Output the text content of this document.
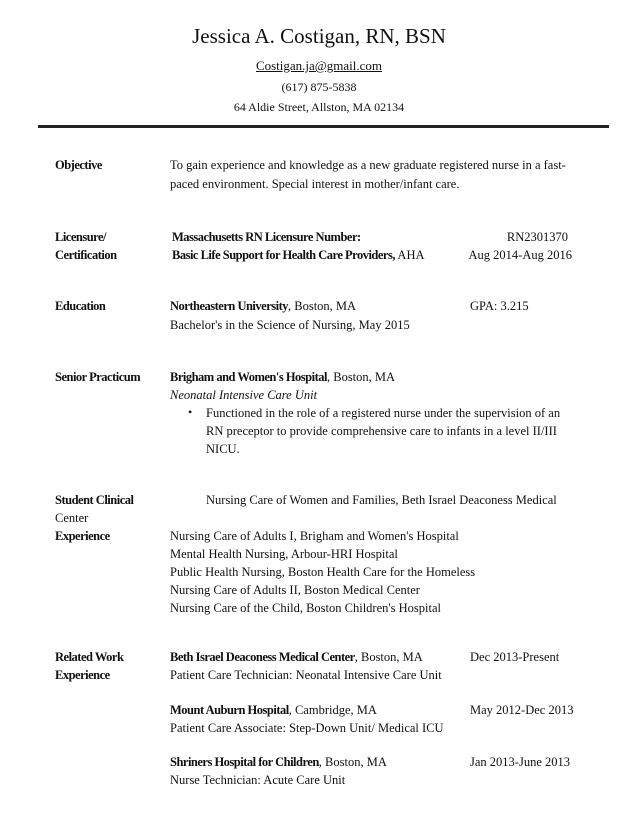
Jessica A. Costigan, RN, BSN
Costigan.ja@gmail.com
(617) 875-5838
64 Aldie Street, Allston, MA 02134
Objective	To gain experience and knowledge as a new graduate registered nurse in a fast-
paced environment. Special interest in mother/infant care.
Licensure/
Certification
Massachusetts RN Licensure Number:	RN2301370
Basic Life Support for Health Care Providers, AHA	Aug 2014-Aug 2016
Education	Northeastern University, Boston, MA	GPA: 3.215
Bachelor's in the Science of Nursing, May 2015
Senior Practicum Brigham and Women's Hospital, Boston, MA
Neonatal Intensive Care Unit
• Functioned in the role of a registered nurse under the supervision of an
RN preceptor to provide comprehensive care to infants in a level II/III
NICU.
Student Clinical	Nursing Care of Women and Families, Beth Israel Deaconess Medical
Center
Experience	Nursing Care of Adults I, Brigham and Women's Hospital
Mental Health Nursing, Arbour-HRI Hospital
Public Health Nursing, Boston Health Care for the Homeless
Nursing Care of Adults II, Boston Medical Center
Nursing Care of the Child, Boston Children's Hospital
Related Work
Experience
Beth Israel Deaconess Medical Center, Boston, MA	Dec 2013-Present
Patient Care Technician: Neonatal Intensive Care Unit
Mount Auburn Hospital, Cambridge, MA	May 2012-Dec 2013
Patient Care Associate: Step-Down Unit/ Medical ICU
Shriners Hospital for Children, Boston, MA	Jan 2013-June 2013
Nurse Technician: Acute Care Unit
